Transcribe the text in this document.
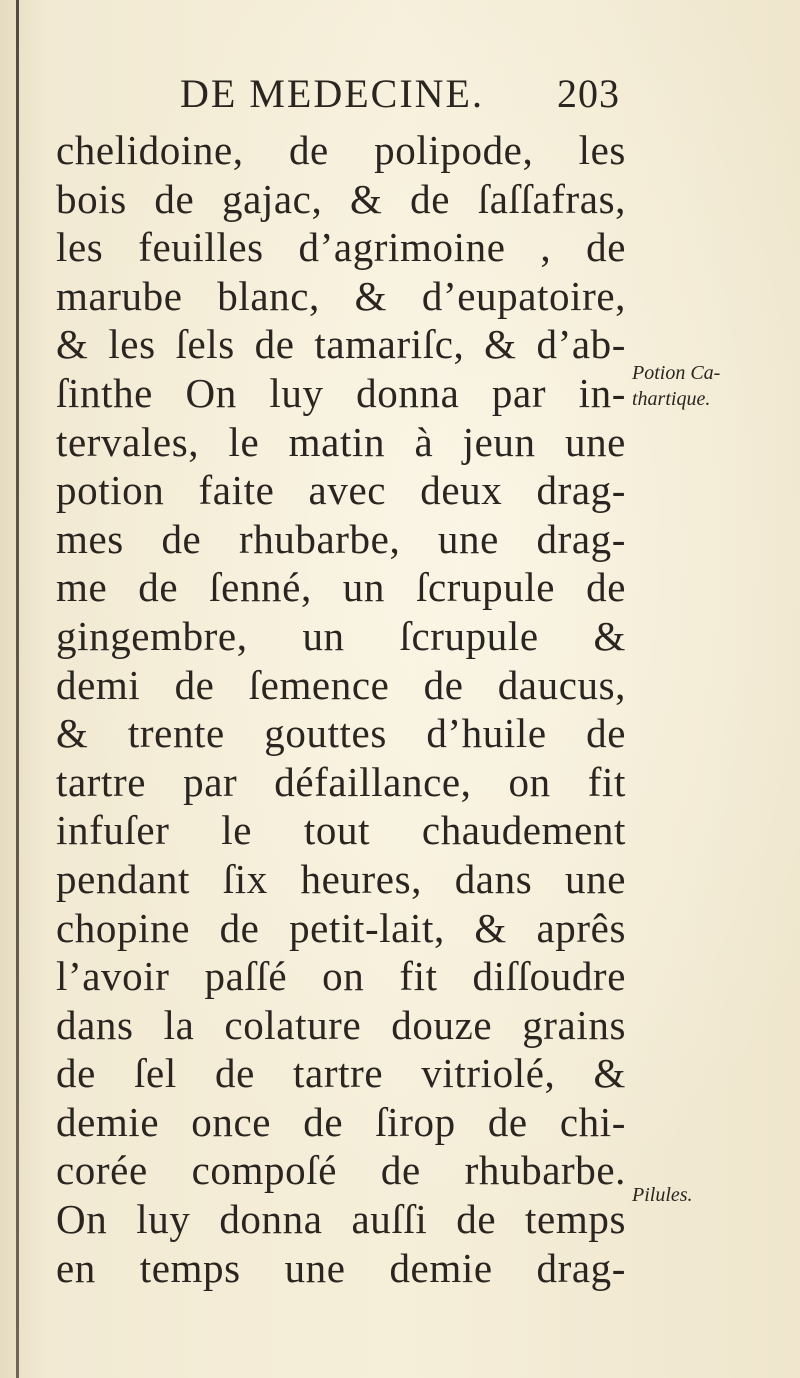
DE MEDECINE. 203
chelidoine, de polipode, les
bois de gajac, & de ſaſſafras,
les feuilles d’agrimoine , de
marube blanc, & d’eupatoire,
& les ſels de tamariſc, & d’ab-
ſinthe On luy donna par in-
tervales, le matin à jeun une
potion faite avec deux drag-
mes de rhubarbe, une drag-
me de ſenné, un ſcrupule de
gingembre, un ſcrupule &
demi de ſemence de daucus,
& trente gouttes d’huile de
tartre par défaillance, on fit
infuſer le tout chaudement
pendant ſix heures, dans une
chopine de petit-lait, & aprês
l’avoir paſſé on fit diſſoudre
dans la colature douze grains
de ſel de tartre vitriolé, &
demie once de ſirop de chi-
corée compoſé de rhubarbe.
On luy donna auſſi de temps
en temps une demie drag-
Potion Ca-
thartique.
Pilules.
